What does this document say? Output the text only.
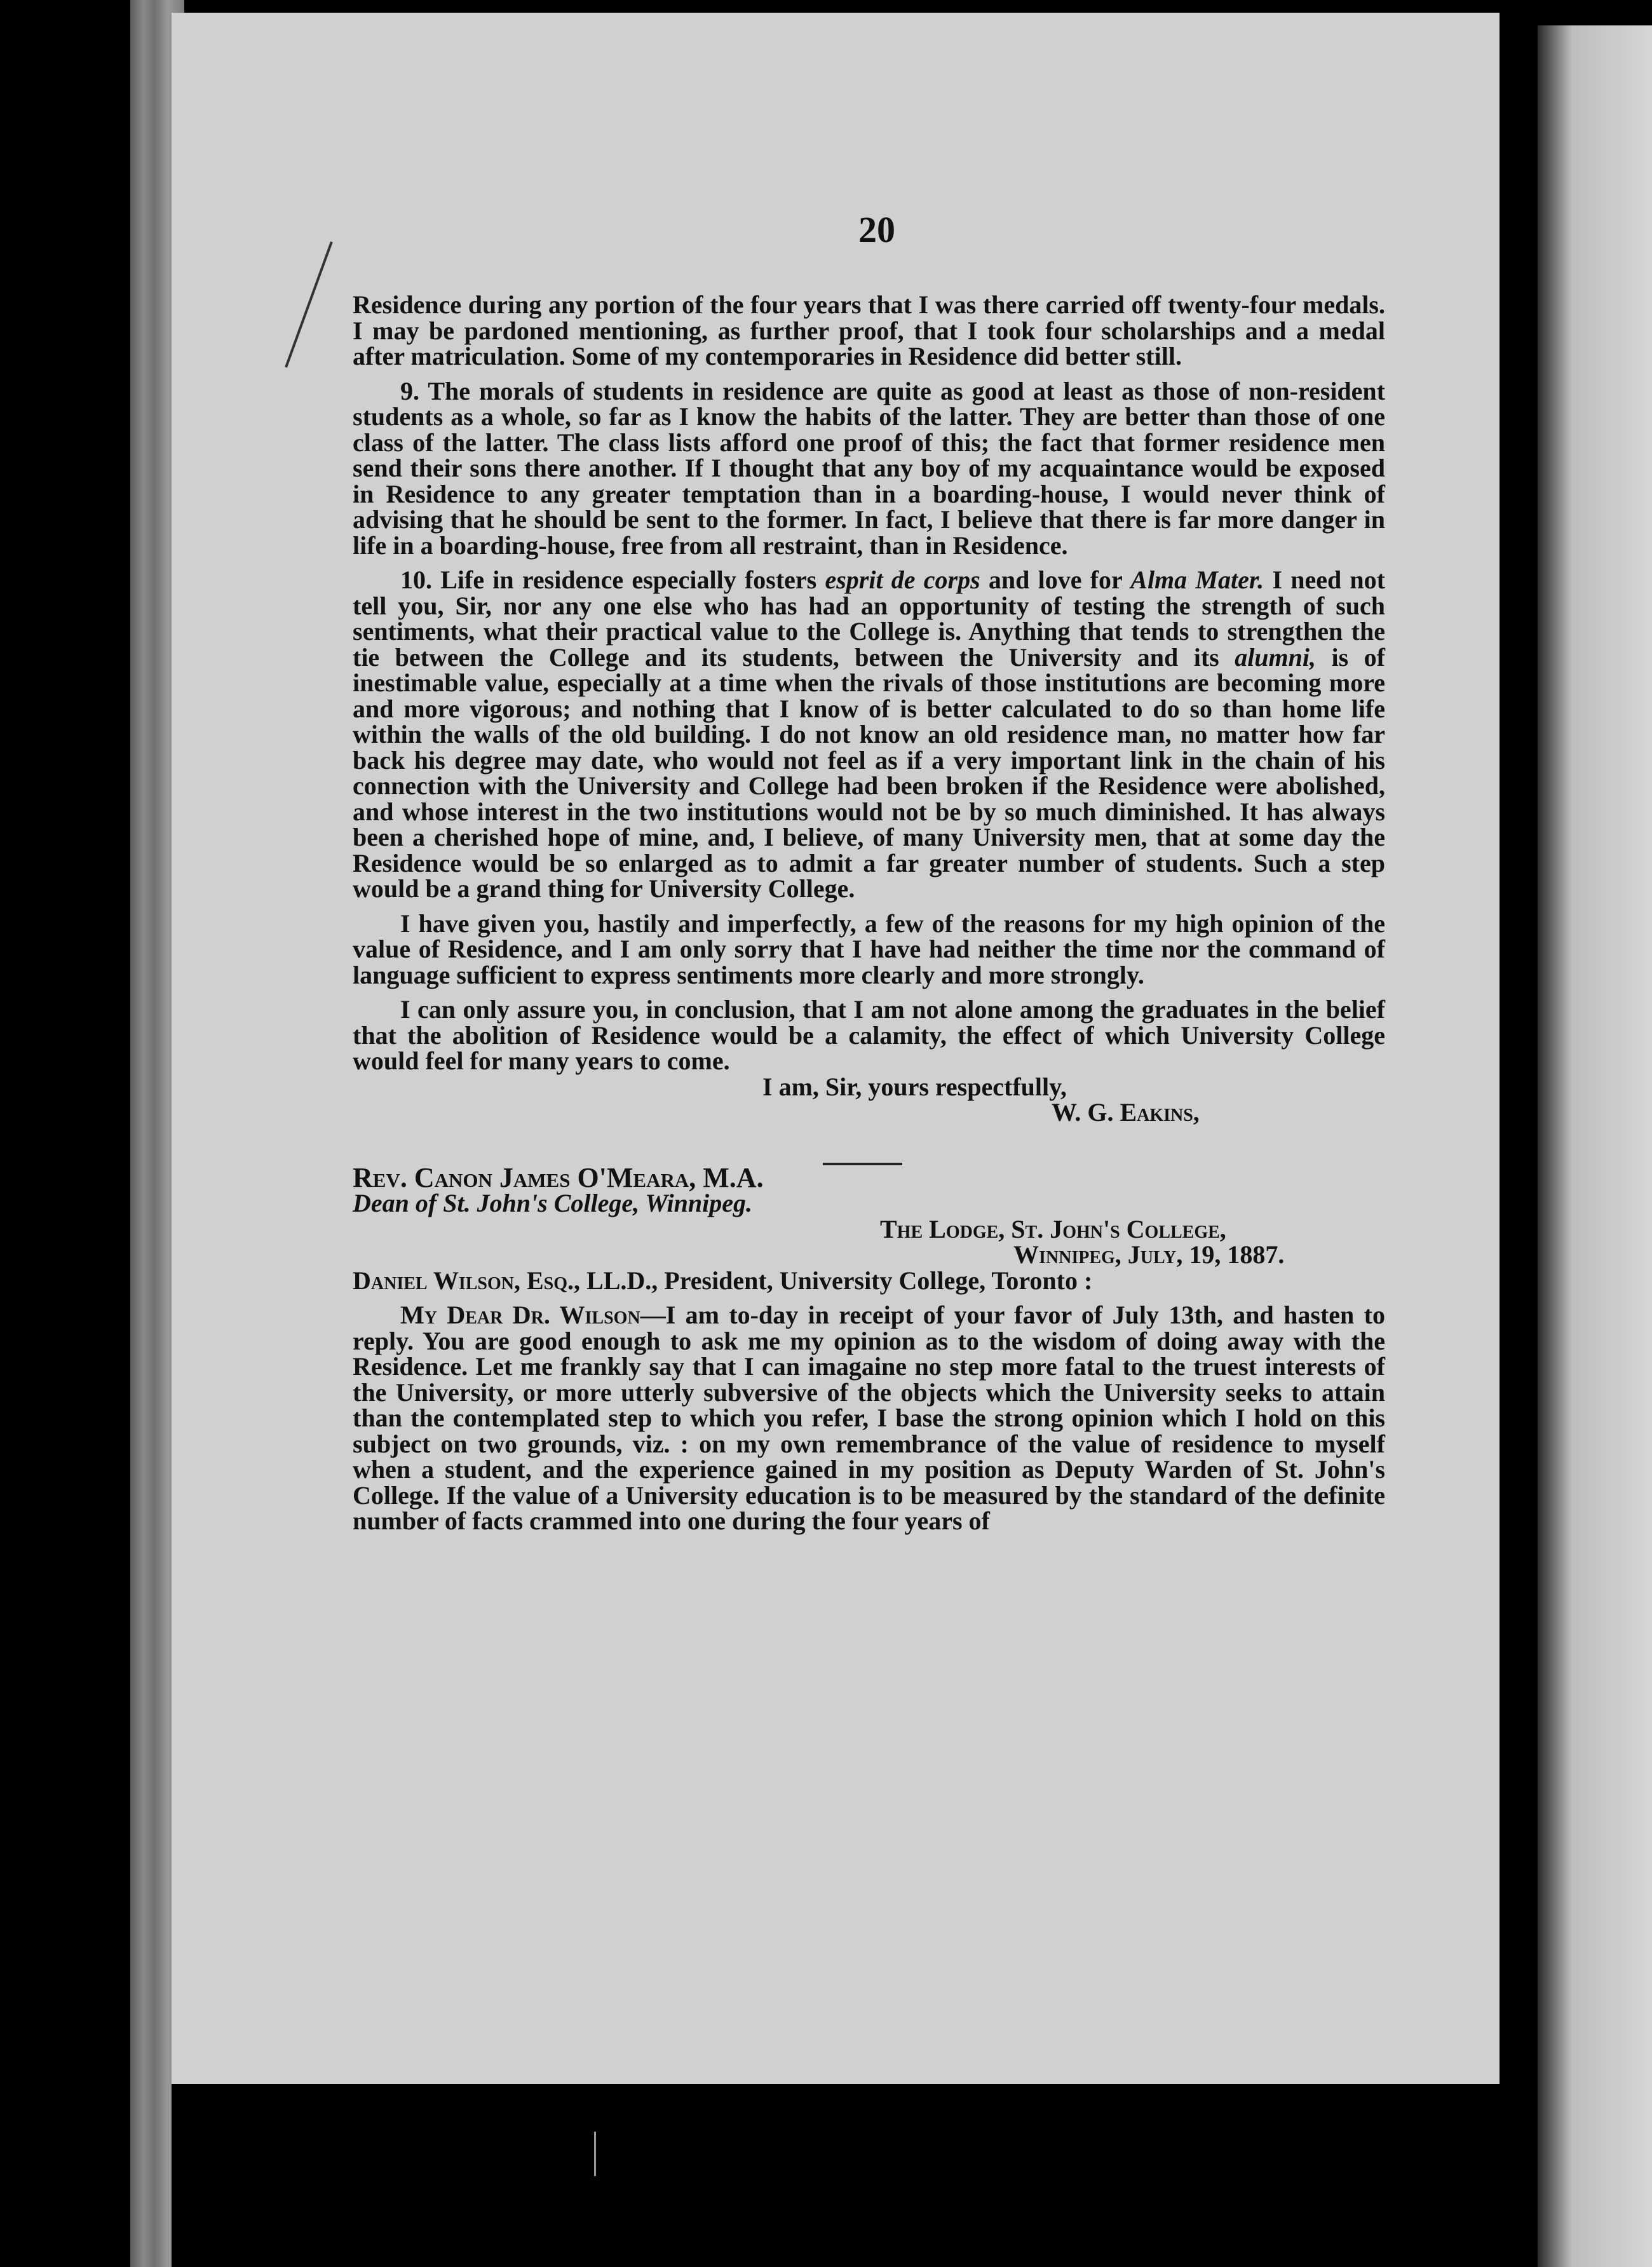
20

Residence during any portion of the four years that I was there carried off twenty-four medals. I may be pardoned mentioning, as further proof, that I took four scholarships and a medal after matriculation. Some of my contemporaries in Residence did better still.

9. The morals of students in residence are quite as good at least as those of non-resident students as a whole, so far as I know the habits of the latter. They are better than those of one class of the latter. The class lists afford one proof of this; the fact that former residence men send their sons there another. If I thought that any boy of my acquaintance would be exposed in Residence to any greater temptation than in a boarding-house, I would never think of advising that he should be sent to the former. In fact, I believe that there is far more danger in life in a boarding-house, free from all restraint, than in Residence.

10. Life in residence especially fosters esprit de corps and love for Alma Mater. I need not tell you, Sir, nor any one else who has had an opportunity of testing the strength of such sentiments, what their practical value to the College is. Anything that tends to strengthen the tie between the College and its students, between the University and its alumni, is of inestimable value, especially at a time when the rivals of those institutions are becoming more and more vigorous; and nothing that I know of is better calculated to do so than home life within the walls of the old building. I do not know an old residence man, no matter how far back his degree may date, who would not feel as if a very important link in the chain of his connection with the University and College had been broken if the Residence were abolished, and whose interest in the two institutions would not be by so much diminished. It has always been a cherished hope of mine, and, I believe, of many University men, that at some day the Residence would be so enlarged as to admit a far greater number of students. Such a step would be a grand thing for University College.

I have given you, hastily and imperfectly, a few of the reasons for my high opinion of the value of Residence, and I am only sorry that I have had neither the time nor the command of language sufficient to express sentiments more clearly and more strongly.

I can only assure you, in conclusion, that I am not alone among the graduates in the belief that the abolition of Residence would be a calamity, the effect of which University College would feel for many years to come.

I am, Sir, yours respectfully,

W. G. Eakins,

Rev. Canon James O'Meara, M.A.

Dean of St. John's College, Winnipeg.

The Lodge, St. John's College,

Winnipeg, July, 19, 1887.

Daniel Wilson, Esq., LL.D., President, University College, Toronto :

My Dear Dr. Wilson—I am to-day in receipt of your favor of July 13th, and hasten to reply. You are good enough to ask me my opinion as to the wisdom of doing away with the Residence. Let me frankly say that I can imagaine no step more fatal to the truest interests of the University, or more utterly subversive of the objects which the University seeks to attain than the contemplated step to which you refer, I base the strong opinion which I hold on this subject on two grounds, viz. : on my own remembrance of the value of residence to myself when a student, and the experience gained in my position as Deputy Warden of St. John's College. If the value of a University education is to be measured by the standard of the definite number of facts crammed into one during the four years of
